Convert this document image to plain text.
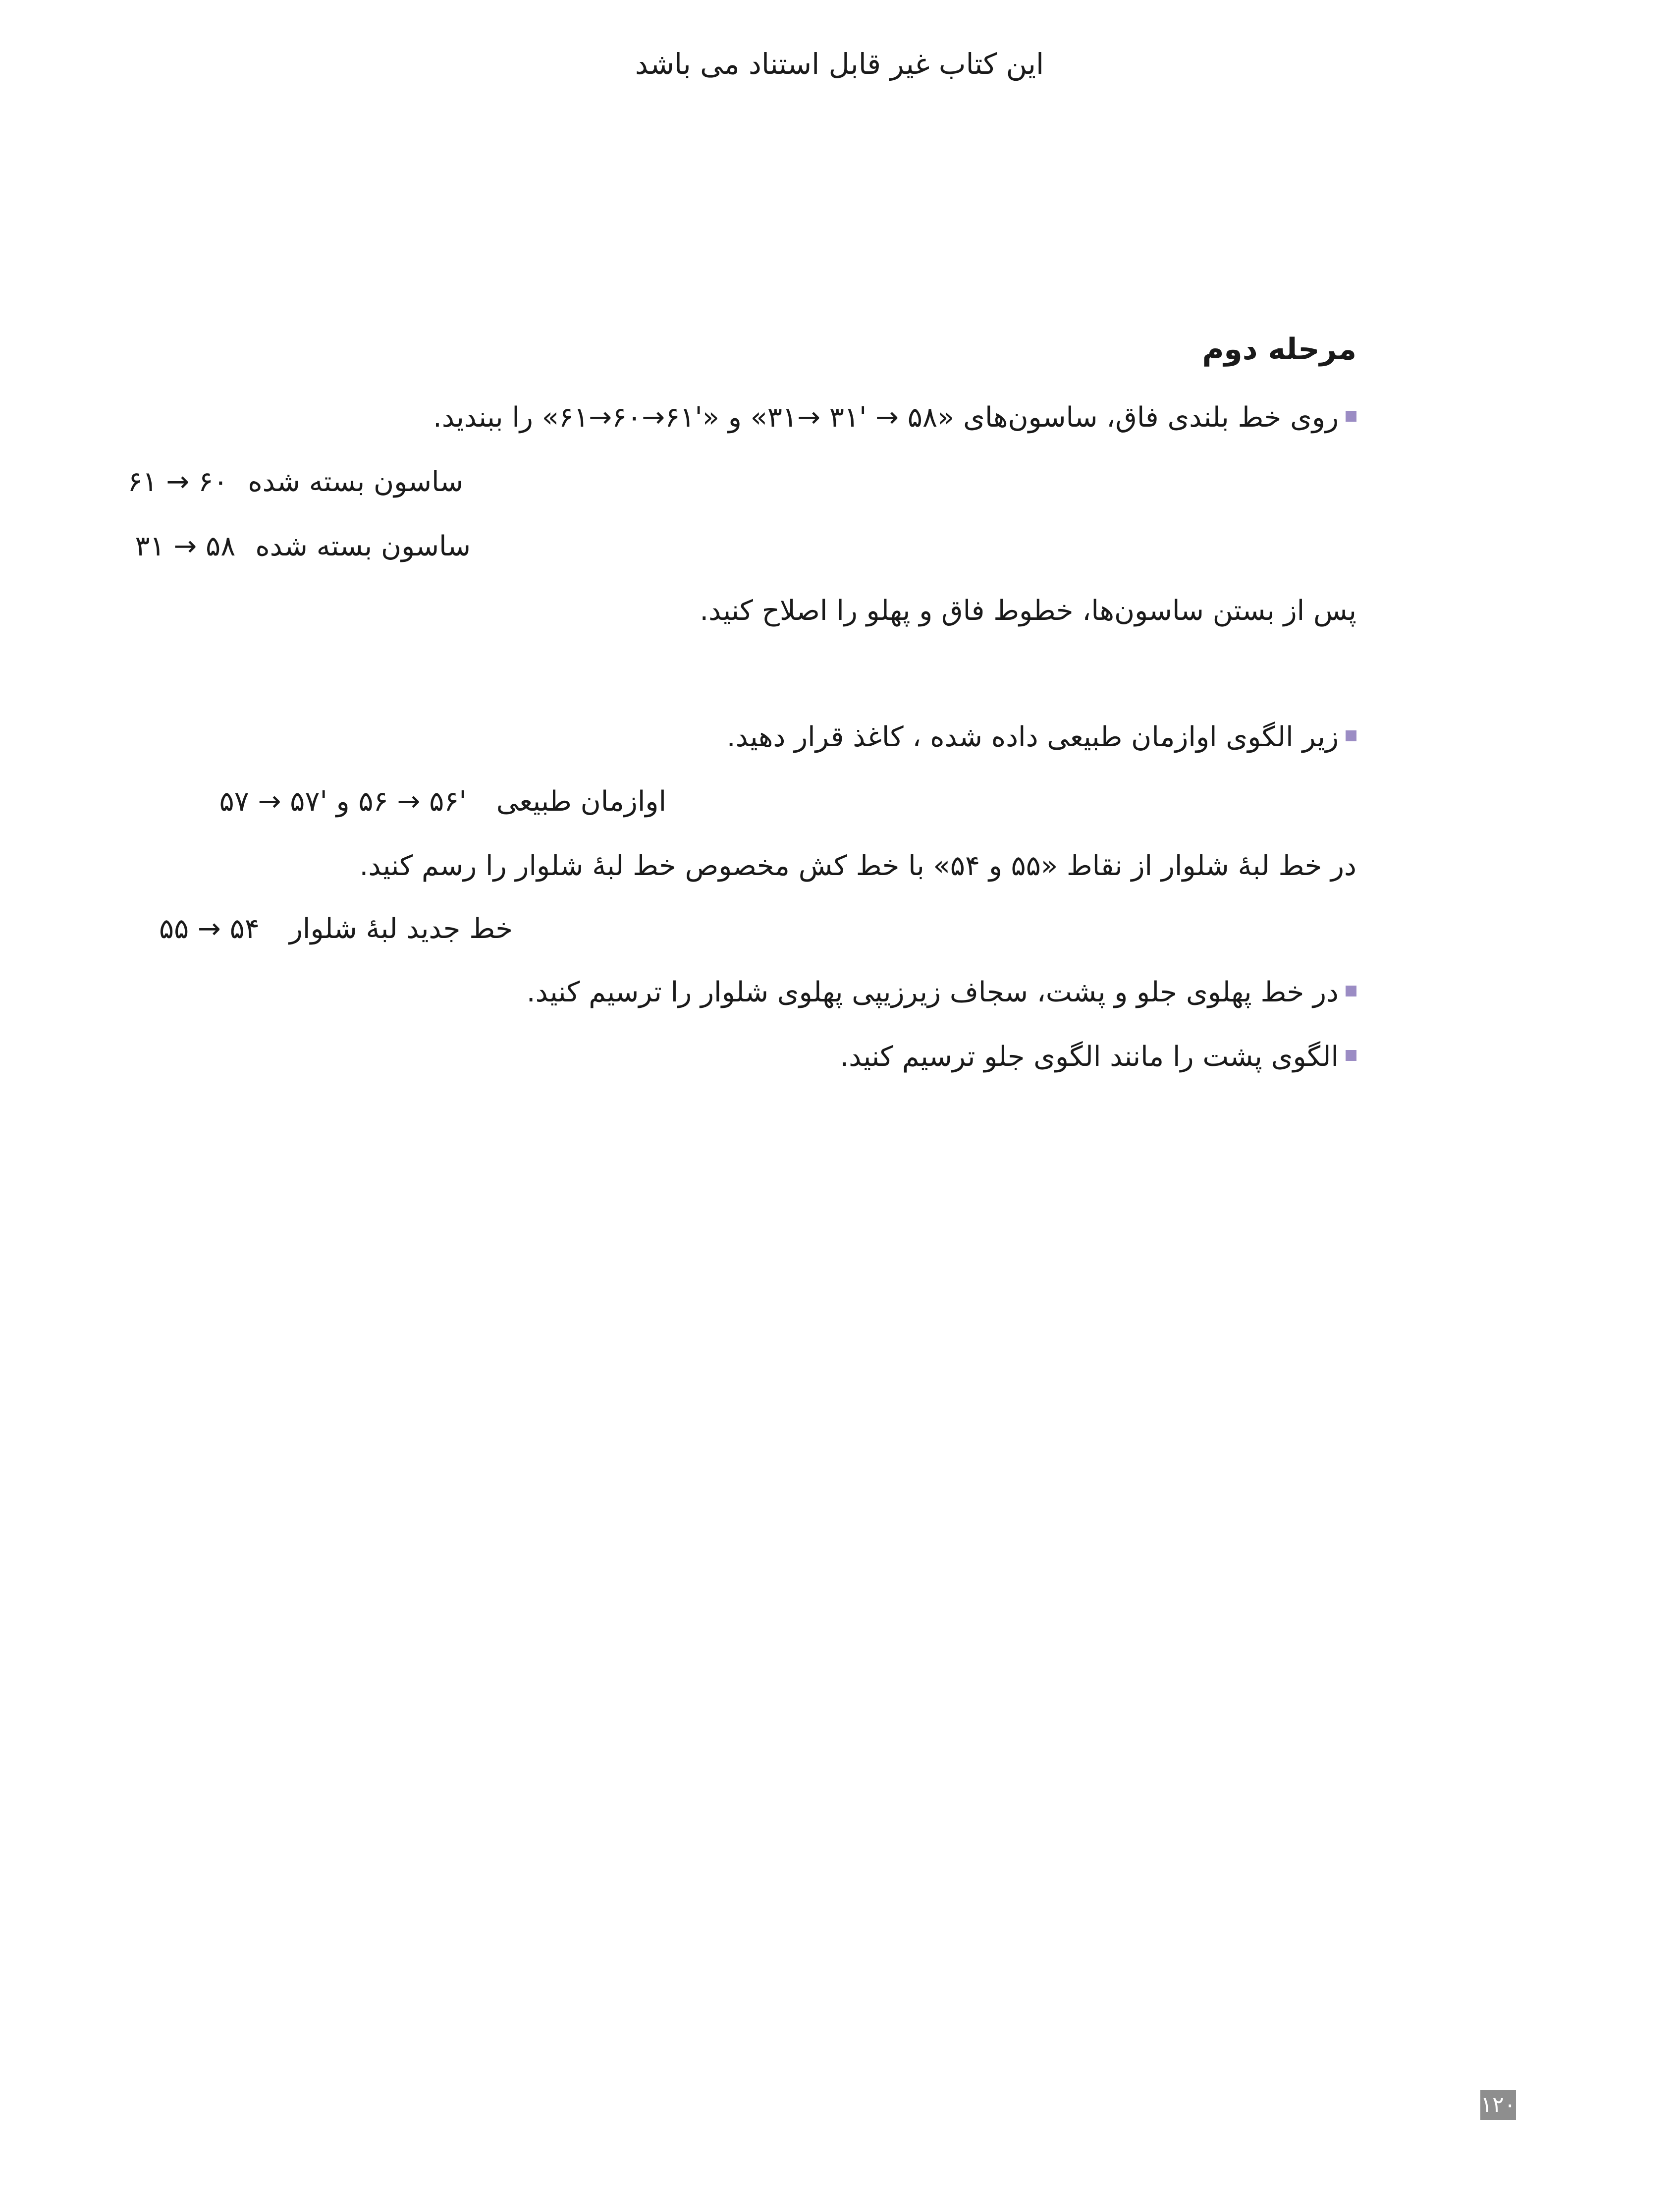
این کتاب غیر قابل استناد می باشد
مرحله دوم
روی خط بلندی فاق، ساسون‌های «۵۸ → '۳۱ →۳۱» و «'۶۱→۶۰→۶۱» را ببندید.
ساسون بسته شده۶۰ → ۶۱
ساسون بسته شده۵۸ → ۳۱
پس از بستن ساسون‌ها، خطوط فاق و پهلو را اصلاح کنید.
زیر الگوی اوازمان طبیعی داده شده ، کاغذ قرار دهید.
اوازمان طبیعی'۵۶ → ۵۶ و '۵۷ → ۵۷
در خط لبهٔ شلوار از نقاط «۵۵ و ۵۴» با خط کش مخصوص خط لبهٔ شلوار را رسم کنید.
خط جدید لبهٔ شلوار۵۴ → ۵۵
در خط پهلوی جلو و پشت، سجاف زیرزیپی پهلوی شلوار را ترسیم کنید.
الگوی پشت را مانند الگوی جلو ترسیم کنید.
۱۲۰
